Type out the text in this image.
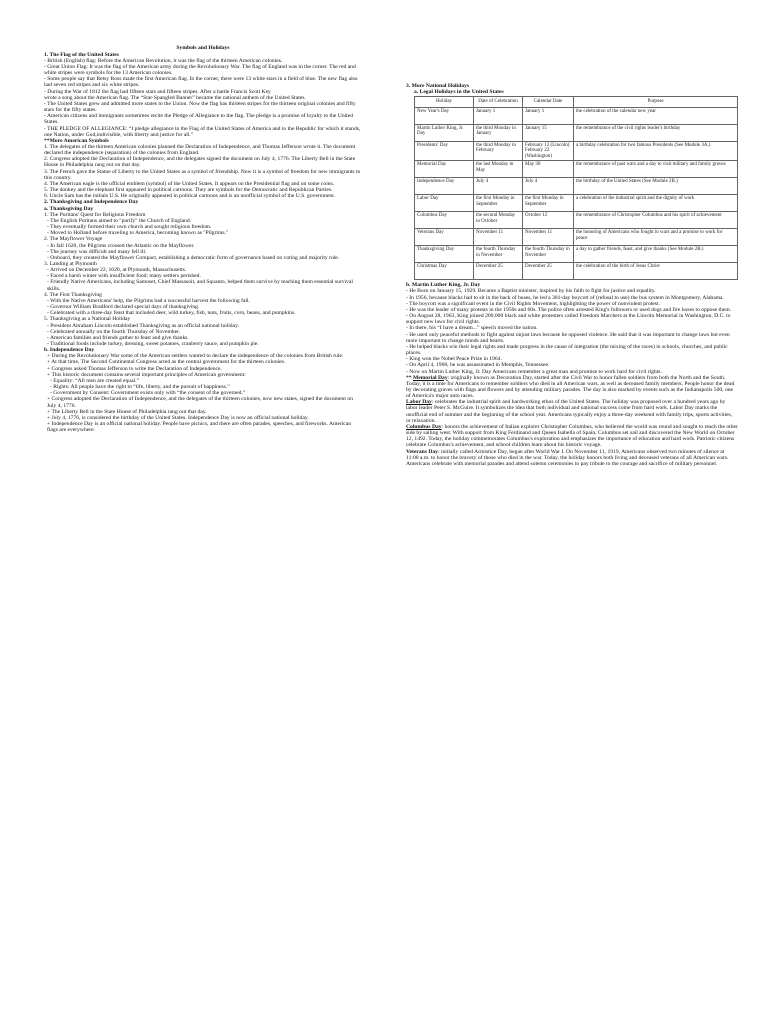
Symbols and Holidays

1. The Flag of the United States

- British (English) flag: Before the American Revolution, it was the flag of the thirteen American colonies.

- Great Union Flag: It was the flag of the American army during the Revolutionary War. The flag of England was in the corner. The red and white stripes were symbols for the 13 American colonies.

- Some people say that Betsy Ross made the first American flag. In the corner, there were 13 white stars in a field of blue. The new flag also had seven red stripes and six white stripes.

- During the War of 1812 the flag had fifteen stars and fifteen stripes. After a battle Francis Scott Key

wrote a song about the American flag. The “Star-Spangled Banner” became the national anthem of the United States.

- The United States grew and admitted more states to the Union. Now the flag has thirteen stripes for the thirteen original colonies and fifty stars for the fifty states.

- American citizens and immigrants sometimes recite the Pledge of Allegiance to the flag. The pledge is a promise of loyalty to the United States.

- THE PLEDGE OF ALLEGIANCE: “I pledge allegiance to the Flag of the United States of America and to the Republic for which it stands, one Nation, under God,indivisible, with liberty and justice for all.”

**More American Symbols

1. The delegates of the thirteen American colonies planned the Declaration of Independence, and Thomas Jefferson wrote it. The document declared the independence (separation) of the colonies from England.

2. Congress adopted the Declaration of Independence, and the delegates signed the document on July 4, 1776. The Liberty Bell in the State House in Philadelphia rang out on that day.

3. The French gave the Statue of Liberty to the United States as a symbol of friendship. Now it is a symbol of freedom for new immigrants to this country.

4. The American eagle is the official emblem (symbol) of the United States. It appears on the Presidential flag and on some coins.

5. The donkey and the elephant first appeared in political cartoons. They are symbols for the Democratic and Republican Parties.

6. Uncle Sam has the initials U.S. He originally appeared in political cartoons and is an unofficial symbol of the U.S. government.

2. Thanksgiving and Independence Day

a. Thanksgiving Day

1. The Puritans' Quest for Religious Freedom

- The English Puritans aimed to "purify" the Church of England.

- They eventually formed their own church and sought religious freedom.

- Moved to Holland before traveling to America, becoming known as "Pilgrims."

2. The Mayflower Voyage

- In fall 1620, the Pilgrims crossed the Atlantic on the Mayflower.

- The journey was difficult and many fell ill.

- Onboard, they created the Mayflower Compact, establishing a democratic form of governance based on voting and majority rule.

3. Landing at Plymouth

- Arrived on December 22, 1620, at Plymouth, Massachusetts.

- Faced a harsh winter with insufficient food; many settlers perished.

- Friendly Native Americans, including Samoset, Chief Massasoit, and Squanto, helped them survive by teaching them essential survival skills.

4. The First Thanksgiving

- With the Native Americans' help, the Pilgrims had a successful harvest the following fall.

- Governor William Bradford declared special days of thanksgiving.

- Celebrated with a three-day feast that included deer, wild turkey, fish, nuts, fruits, corn, beans, and pumpkins.

5. Thanksgiving as a National Holiday

- President Abraham Lincoln established Thanksgiving as an official national holiday.

- Celebrated annually on the fourth Thursday of November.

- American families and friends gather to feast and give thanks.

- Traditional foods include turkey, dressing, sweet potatoes, cranberry sauce, and pumpkin pie.

b. Independence Day

+ During the Revolutionary War some of the American settlers wanted to declare the independence of the colonies from British rule.

+ At that time, The Second Continental Congress acted as the central government for the thirteen colonies.

+ Congress asked Thomas Jefferson to write the Declaration of Independence.

+ This historic document contains several important principles of American government:

- Equality: “All men are created equal.”

- Rights: All people have the right to “life, liberty, and the pursuit of happiness.”

- Government by Consent: Government exists only with “the consent of the governed.”

+ Congress adopted the Declaration of Independence, and the delegates of the thirteen colonies, now new states, signed the document on July 4, 1776.

+ The Liberty Bell in the State House of Philadelphia rang out that day.

+ July 4, 1776, is considered the birthday of the United States. Independence Day is now an official national holiday.

+ Independence Day is an official national holiday. People have picnics, and there are often parades, speeches, and fireworks. American flags are everywhere.

3. More National Holidays

a. Legal Holidays in the United States

Holiday	Date of Celebration	Calendar Date	Purpose
New Year's Day	January 1	January 1	the celebration of the calendar new year
Martin Luther King, Jr. Day	the third Monday in January	January 15	the remembrance of the civil rights leader's birthday
Presidents' Day	the third Monday in February	February 12 (Lincoln) February 22 (Washington)	a birthday celebration for two famous Presidents (See Module 3A.)
Memorial Day	the last Monday in May	May 30	the remembrance of past wars and a day to visit military and family graves
Independence Day	July 4	July 4	the birthday of the United States (See Module 2B.)
Labor Day	the first Monday in September	the first Monday in September	a celebration of the industrial spirit and the dignity of work
Columbus Day	the second Monday in October	October 12	the remembrance of Christopher Columbus and his spirit of achievement
Veterans Day	November 11	November 11	the honoring of Americans who fought in wars and a promise to work for peace
Thanksgiving Day	the fourth Thursday in November	the fourth Thursday in November	a day to gather friends, feast, and give thanks (See Module 2B.)
Christmas Day	December 25	December 25	the celebration of the birth of Jesus Christ

b. Martin Luther King, Jr. Day

- He Born on January 15, 1929. Became a Baptist minister, inspired by his faith to fight for justice and equality.

- In 1956, because blacks had to sit in the back of buses, he led a 381-day boycott of (refusal to use) the bus system in Montgomery, Alabama.

- The boycott was a significant event in the Civil Rights Movement, highlighting the power of nonviolent protest.

- He was the leader of many protests in the 1950s and 60s. The police often arrested King's followers or used dogs and fire hoses to oppose them.

- On August 28, 1963, King joined 200,000 black and white protesters called Freedom Marchers at the Lincoln Memorial in Washington, D.C. to support new laws for civil rights.

- In there, his “I have a dream...” speech moved the nation.

- He used only peaceful methods to fight against unjust laws because he opposed violence. He said that it was important to change laws but even more important to change minds and hearts.

- He helped blacks win their legal rights and made progress in the cause of integration (the mixing of the races) in schools, churches, and public places.

- King won the Nobel Peace Prize in 1964.

- On April 4, 1968, he was assassinated in Memphis, Tennessee.

- Now on Martin Luther King, Jr. Day Americans remember a great man and promise to work hard for civil rights.

** Memorial Day: originally known as Decoration Day, started after the Civil War to honor fallen soldiers from both the North and the South. Today, it is a time for Americans to remember soldiers who died in all American wars, as well as deceased family members. People honor the dead by decorating graves with flags and flowers and by attending military parades. The day is also marked by events such as the Indianapolis 500, one of America's major auto races.

Labor Day: celebrates the industrial spirit and hardworking ethos of the United States. The holiday was proposed over a hundred years ago by labor leader Peter S. McGuire. It symbolizes the idea that both individual and national success come from hard work. Labor Day marks the unofficial end of summer and the beginning of the school year. Americans typically enjoy a three-day weekend with family trips, sports activities, or relaxation.

Columbus Day: honors the achievement of Italian explorer Christopher Columbus, who believed the world was round and sought to reach the other side by sailing west. With support from King Ferdinand and Queen Isabella of Spain, Columbus set sail and discovered the New World on October 12, 1492. Today, the holiday commemorates Columbus's exploration and emphasizes the importance of education and hard work. Patriotic citizens celebrate Columbus's achievement, and school children learn about his historic voyage.

Veterans Day: initially called Armistice Day, began after World War I. On November 11, 1919, Americans observed two minutes of silence at 11:00 a.m. to honor the bravery of those who died in the war. Today, the holiday honors both living and deceased veterans of all American wars. Americans celebrate with memorial parades and attend solemn ceremonies to pay tribute to the courage and sacrifice of military personnel.
